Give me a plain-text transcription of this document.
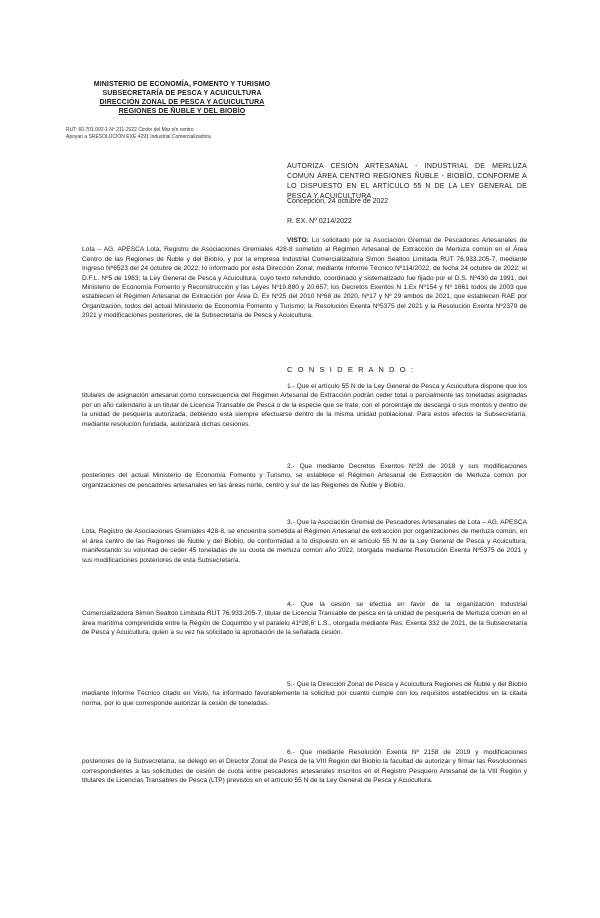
MINISTERIO DE ECONOMÍA, FOMENTO Y TURISMO
SUBSECRETARÍA DE PESCA Y ACUICULTURA
DIRECCIÓN ZONAL DE PESCA Y ACUICULTURA
REGIONES DE ÑUBLE Y DEL BIOBÍO
RUT: 60.701.002-1 Nº 211-2022 Ctrdor del Mar s/n centro
Apoyan a SRESOLUCIÓN EXE 4291 Industrial Comercializadora
AUTORIZA CESIÓN ARTESANAL - INDUSTRIAL DE MERLUZA COMÚN ÁREA CENTRO REGIONES ÑUBLE - BIOBÍO, CONFORME A LO DISPUESTO EN EL ARTÍCULO 55 N DE LA LEY GENERAL DE PESCA Y ACUICULTURA.
Concepción, 24 octubre de 2022
R. EX. Nº 0214/2022

VISTO: Lo solicitado por la Asociación Gremial de Pescadores Artesanales de Lota – AG. APESCA Lota, Registro de Asociaciones Gremiales 428-8 sometido al Régimen Artesanal de Extracción de Merluza común en el Área Centro de las Regiones de Ñuble y del Biobío, y por la empresa Industrial Comercializadora Simon Sealtoo Limitada RUT 76.933.205-7, mediante Ingreso Nº6523 del 24 octubre de 2022; lo informado por esta Dirección Zonal, mediante Informe Técnico Nº114/2022, de fecha 24 octubre de 2022; el D.F.L. Nº5 de 1983; la Ley General de Pesca y Acuicultura, cuyo texto refundido, coordinado y sistematizado fue fijado por el D.S. Nº430 de 1991, del Ministerio de Economía Fomento y Reconstrucción y las Leyes Nº19.880 y 20.657; los Decretos Exentos N 1.Ex Nº154 y Nº 1661 todos de 2003 que establecen el Régimen Artesanal de Extracción por Área D. Ex Nº25 del 2010 Nº68 de 2020, Nº17 y Nº 29 ambos de 2021, que establecen RAE por Organización, todos del actual Ministerio de Economía Fomento y Turismo; la Resolución Exenta Nº5375 del 2021 y la Resolución Exenta Nº2379 de 2021 y modificaciones posteriores, de la Subsecretaría de Pesca y Acuicultura.

C O N S I D E R A N D O :

1.- Que el artículo 55 N de la Ley General de Pesca y Acuicultura dispone que los titulares de asignación artesanal como consecuencia del Régimen Artesanal de Extracción podrán ceder total o parcialmente las toneladas asignadas por un año calendario a un titular de Licencia Transable de Pesca o de la especie que se trate, con el porcentaje de descarga o sus montos y dentro de la unidad de pesquería autorizada, debiendo esta siempre efectuarse dentro de la misma unidad poblacional. Para estos efectos la Subsecretaría, mediante resolución fundada, autorizará dichas cesiones.

2.- Que mediante Decretos Exentos Nº29 de 2018 y sus modificaciones posteriores del actual Ministerio de Economía Fomento y Turismo, se establece el Régimen Artesanal de Extracción de Merluza común por organizaciones de pescadores artesanales en las áreas norte, centro y sur de las Regiones de Ñuble y Biobío.

3.- Que la Asociación Gremial de Pescadores Artesanales de Lota – AG. APESCA Lota, Registro de Asociaciones Gremiales 428-8, se encuentra sometida al Régimen Artesanal de extracción por organizaciones de merluza común, en el área centro de las Regiones de Ñuble y del Biobío, de conformidad a lo dispuesto en el artículo 55 N de la Ley General de Pesca y Acuicultura, manifestando su voluntad de ceder 45 toneladas de su cuota de merluza común año 2022, otorgada mediante Resolución Exenta Nº5375 de 2021 y sus modificaciones posteriores de esta Subsecretaría.

4.- Que la cesión se efectúa en favor de la organización Industrial Comercializadora Simon Sealtoo Limitada RUT 76.933.205-7, titular de Licencia Transable de pesca en la unidad de pesquería de Merluza común en el área marítima comprendida entre la Región de Coquimbo y el paralelo 41º28,6' L.S., otorgada mediante Res. Exenta 332 de 2021, de la Subsecretaría de Pesca y Acuicultura, quien a su vez ha solicitado la aprobación de la señalada cesión.

5.- Que la Dirección Zonal de Pesca y Acuicultura Regiones de Ñuble y del Biobío mediante Informe Técnico citado en Visto, ha informado favorablemente la solicitud por cuanto cumple con los requisitos establecidos en la citada norma, por lo que corresponde autorizar la cesión de toneladas.

6.- Que mediante Resolución Exenta Nº 2158 de 2019 y modificaciones posteriores de la Subsecretaría, se delegó en el Director Zonal de Pesca de la VIII Región del Biobío la facultad de autorizar y firmar las Resoluciones correspondientes a las solicitudes de cesión de cuota entre pescadores artesanales inscritos en el Registro Pesquero Artesanal de la VIII Región y titulares de Licencias Transables de Pesca (LTP) previstos en el artículo 55 N de la Ley General de Pesca y Acuicultura.
